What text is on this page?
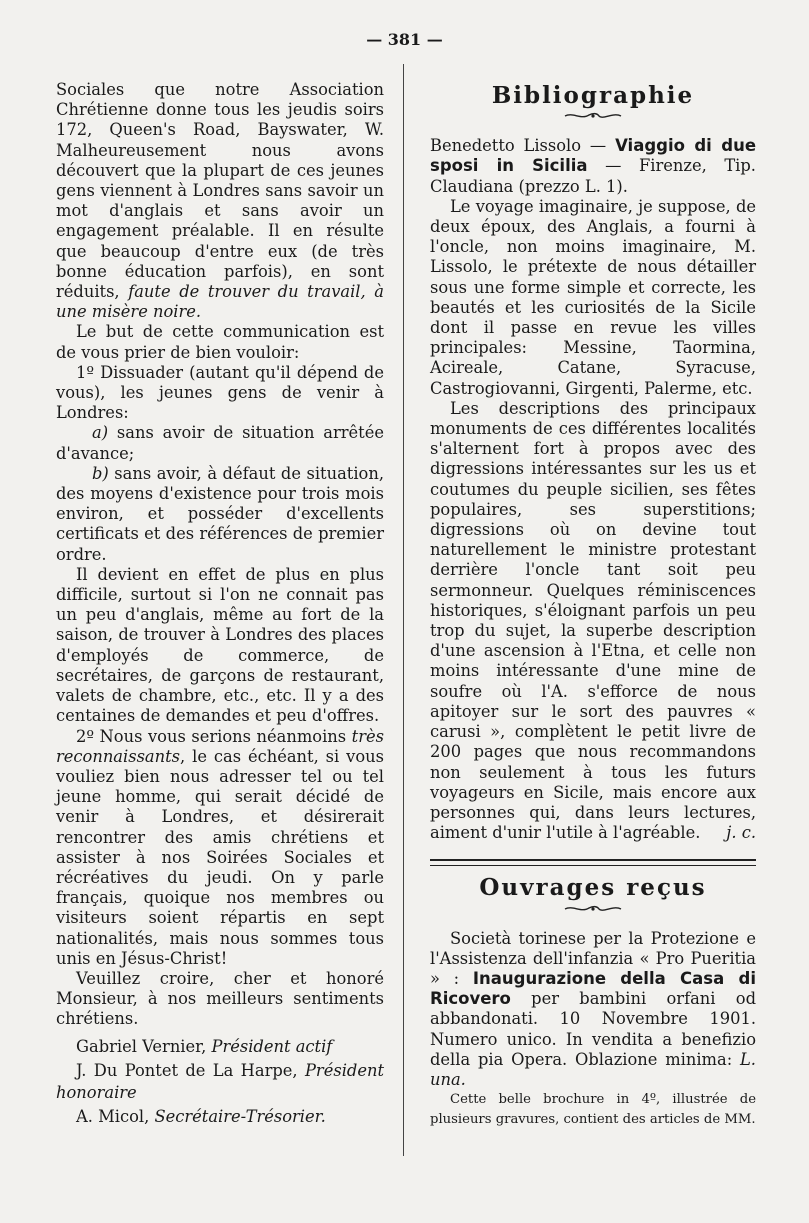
— 381 —

Sociales que notre Association Chrétienne donne tous les jeudis soirs 172, Queen's Road, Bayswater, W. Malheureusement nous avons découvert que la plupart de ces jeunes gens viennent à Londres sans savoir un mot d'anglais et sans avoir un engagement préalable. Il en résulte que beaucoup d'entre eux (de très bonne éducation parfois), en sont réduits, faute de trouver du travail, à une misère noire.

Le but de cette communication est de vous prier de bien vouloir:

1º Dissuader (autant qu'il dépend de vous), les jeunes gens de venir à Londres:

a) sans avoir de situation arrêtée d'avance;

b) sans avoir, à défaut de situation, des moyens d'existence pour trois mois environ, et posséder d'excellents certificats et des références de premier ordre.

Il devient en effet de plus en plus difficile, surtout si l'on ne connait pas un peu d'anglais, même au fort de la saison, de trouver à Londres des places d'employés de commerce, de secrétaires, de garçons de restaurant, valets de chambre, etc., etc. Il y a des centaines de demandes et peu d'offres.

2º Nous vous serions néanmoins très reconnaissants, le cas échéant, si vous vouliez bien nous adresser tel ou tel jeune homme, qui serait décidé de venir à Londres, et désirerait rencontrer des amis chrétiens et assister à nos Soirées Sociales et récréatives du jeudi. On y parle français, quoique nos membres ou visiteurs soient répartis en sept nationalités, mais nous sommes tous unis en Jésus-Christ!

Veuillez croire, cher et honoré Monsieur, à nos meilleurs sentiments chrétiens.

Gabriel Vernier, Président actif

J. Du Pontet de La Harpe, Président honoraire

A. Micol, Secrétaire-Trésorier.

Bibliographie

Benedetto Lissolo — Viaggio di due sposi in Sicilia — Firenze, Tip. Claudiana (prezzo L. 1).

Le voyage imaginaire, je suppose, de deux époux, des Anglais, a fourni à l'oncle, non moins imaginaire, M. Lissolo, le prétexte de nous détailler sous une forme simple et correcte, les beautés et les curiosités de la Sicile dont il passe en revue les villes principales: Messine, Taormina, Acireale, Catane, Syracuse, Castrogiovanni, Girgenti, Palerme, etc.

Les descriptions des principaux monuments de ces différentes localités s'alternent fort à propos avec des digressions intéressantes sur les us et coutumes du peuple sicilien, ses fêtes populaires, ses superstitions; digressions où on devine tout naturellement le ministre protestant derrière l'oncle tant soit peu sermonneur. Quelques réminiscences historiques, s'éloignant parfois un peu trop du sujet, la superbe description d'une ascension à l'Etna, et celle non moins intéressante d'une mine de soufre où l'A. s'efforce de nous apitoyer sur le sort des pauvres « carusi », complètent le petit livre de 200 pages que nous recommandons non seulement à tous les futurs voyageurs en Sicile, mais encore aux personnes qui, dans leurs lectures, aiment d'unir l'utile à l'agréable.	j. c.

Ouvrages reçus

Società torinese per la Protezione e l'Assistenza dell'infanzia « Pro Pueritia » : Inaugurazione della Casa di Ricovero per bambini orfani od abbandonati. 10 Novembre 1901. Numero unico. In vendita a benefizio della pia Opera. Oblazione minima: L. una.

Cette belle brochure in 4º, illustrée de plusieurs gravures, contient des articles de MM.
